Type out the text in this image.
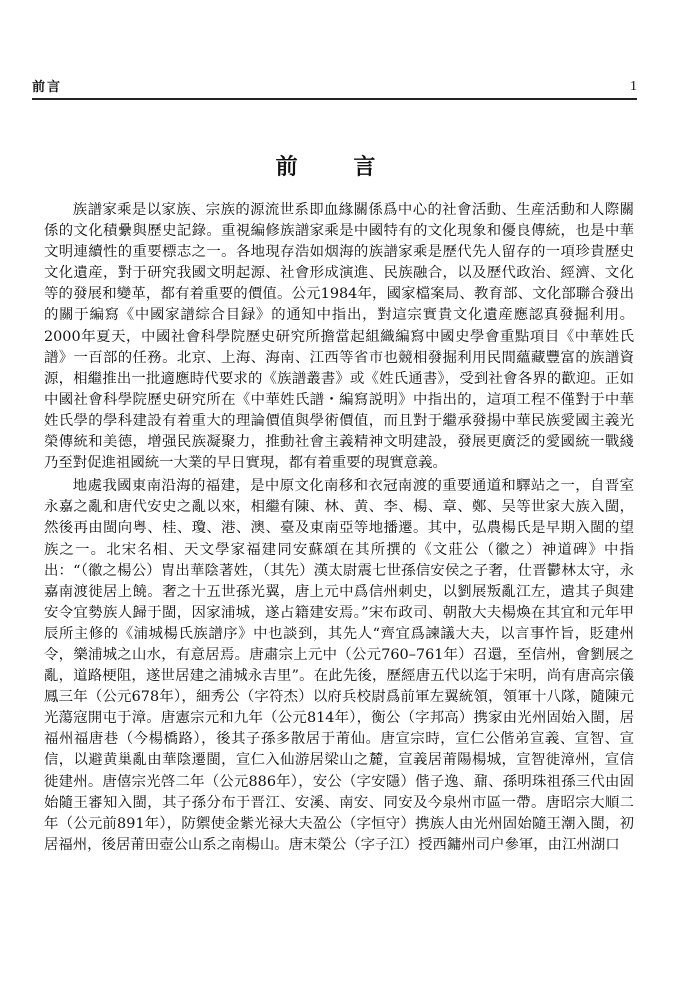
前言	1
前 言

族譜家乘是以家族、宗族的源流世系即血緣關係爲中心的社會活動、生産活動和人際關係的文化積纍與歷史記錄。重視編修族譜家乘是中國特有的文化現象和優良傳統，也是中華文明連續性的重要標志之一。各地現存浩如烟海的族譜家乘是歷代先人留存的一項珍貴歷史文化遺産，對于研究我國文明起源、社會形成演進、民族融合，以及歷代政治、經濟、文化等的發展和變革，都有着重要的價值。公元1984年，國家檔案局、教育部、文化部聯合發出的關于編寫《中國家譜綜合目録》的通知中指出，對這宗實貴文化遺産應認真發掘利用。2000年夏天，中國社會科學院歷史研究所擔當起組織編寫中國史學會重點項目《中華姓氏譜》一百部的任務。北京、上海、海南、江西等省市也競相發掘利用民間蘊藏豐富的族譜資源，相繼推出一批適應時代要求的《族譜叢書》或《姓氏通書》，受到社會各界的歡迎。正如中國社會科學院歷史研究所在《中華姓氏譜・編寫説明》中指出的，這項工程不僅對于中華姓氏學的學科建設有着重大的理論價值與學術價值，而且對于繼承發揚中華民族愛國主義光榮傳統和美德，增强民族凝聚力，推動社會主義精神文明建設，發展更廣泛的愛國統一戰綫乃至對促進祖國統一大業的早日實現，都有着重要的現實意義。

地處我國東南沿海的福建，是中原文化南移和衣冠南渡的重要通道和驛站之一，自晋室永嘉之亂和唐代安史之亂以來，相繼有陳、林、黄、李、楊、章、鄭、吴等世家大族入閩，然後再由閩向粤、桂、瓊、港、澳、臺及東南亞等地播遷。其中，弘農楊氏是早期入閩的望族之一。北宋名相、天文學家福建同安蘇頌在其所撰的《文莊公（徽之）神道碑》中指出：“（徽之楊公）冑出華陰著姓，（其先）漢太尉震七世孫信安侯之子奢，仕晋鬱林太守，永嘉南渡徙居上饒。奢之十五世孫光翼，唐上元中爲信州刺史，以劉展叛亂江左，遣其子與建安令宜勢族人歸于閩，因家浦城，遂占籍建安焉。”宋布政司、朝散大夫楊煥在其宜和元年甲辰所主修的《浦城楊氏族譜序》中也談到，其先人“齊宜爲諫議大夫，以言事忤旨，貶建州令，樂浦城之山水，有意居焉。唐肅宗上元中（公元760–761年）召還，至信州，會劉展之亂，道路梗阻，遂世居建之浦城永吉里”。在此先後，歷經唐五代以迄于宋明，尚有唐高宗儀鳳三年（公元678年），細秀公（字符杰）以府兵校尉爲前軍左翼統領，領軍十八隊，隨陳元光蕩寇開屯于漳。唐憲宗元和九年（公元814年），衡公（字邦高）携家由光州固始入閩，居福州福唐巷（今楊橋路），後其子孫多散居于莆仙。唐宣宗時，宣仁公偕弟宣義、宣智、宣信，以避黄巢亂由華陰遷閩，宣仁入仙游居梁山之麓，宣義居莆陽楊城，宣智徙漳州，宣信徙建州。唐僖宗光啓二年（公元886年），安公（字安隱）偕子逸、鼐、孫明珠祖孫三代由固始隨王審知入閩，其子孫分布于晋江、安溪、南安、同安及今泉州市區一帶。唐昭宗大順二年（公元前891年），防禦使金紫光禄大夫盈公（字恒守）携族人由光州固始隨王潮入閩，初居福州，後居莆田壺公山系之南楊山。唐末榮公（字子江）授西鏞州司户參軍，由江州湖口
